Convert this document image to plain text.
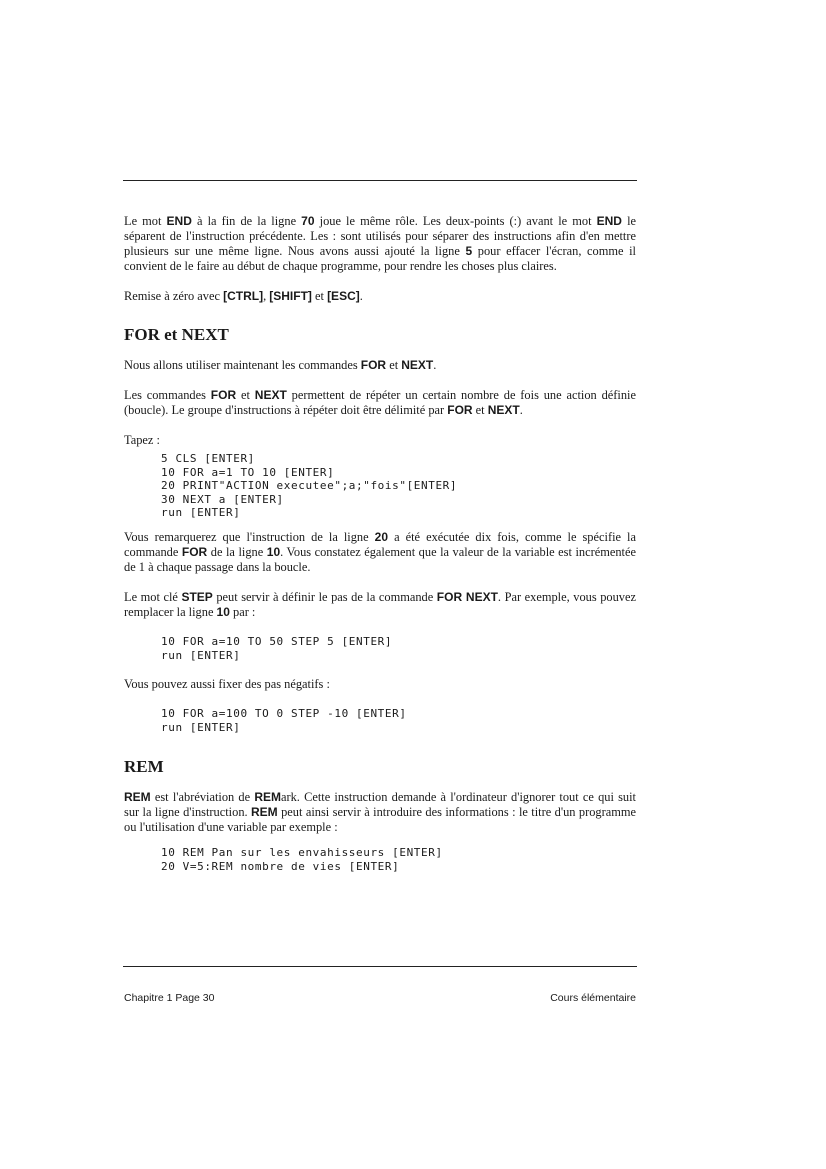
Le mot END à la fin de la ligne 70 joue le même rôle. Les deux-points (:) avant le mot END le séparent de l'instruction précédente. Les : sont utilisés pour séparer des instructions afin d'en mettre plusieurs sur une même ligne. Nous avons aussi ajouté la ligne 5 pour effacer l'écran, comme il convient de le faire au début de chaque programme, pour rendre les choses plus claires.

Remise à zéro avec [CTRL], [SHIFT] et [ESC].

FOR et NEXT

Nous allons utiliser maintenant les commandes FOR et NEXT.

Les commandes FOR et NEXT permettent de répéter un certain nombre de fois une action définie (boucle). Le groupe d'instructions à répéter doit être délimité par FOR et NEXT.

Tapez :

5 CLS [ENTER]
10 FOR a=1 TO 10 [ENTER]
20 PRINT"ACTION executee";a;"fois"[ENTER]
30 NEXT a [ENTER]
run [ENTER]

Vous remarquerez que l'instruction de la ligne 20 a été exécutée dix fois, comme le spécifie la commande FOR de la ligne 10. Vous constatez également que la valeur de la variable est incrémentée de 1 à chaque passage dans la boucle.

Le mot clé STEP peut servir à définir le pas de la commande FOR NEXT. Par exemple, vous pouvez remplacer la ligne 10 par :

10 FOR a=10 TO 50 STEP 5 [ENTER]
run [ENTER]

Vous pouvez aussi fixer des pas négatifs :

10 FOR a=100 TO 0 STEP -10 [ENTER]
run [ENTER]
REM

REM est l'abréviation de REMark. Cette instruction demande à l'ordinateur d'ignorer tout ce qui suit sur la ligne d'instruction. REM peut ainsi servir à introduire des informations : le titre d'un programme ou l'utilisation d'une variable par exemple :

10 REM Pan sur les envahisseurs [ENTER]
20 V=5:REM nombre de vies [ENTER]
Chapitre 1 Page 30	Cours élémentaire
